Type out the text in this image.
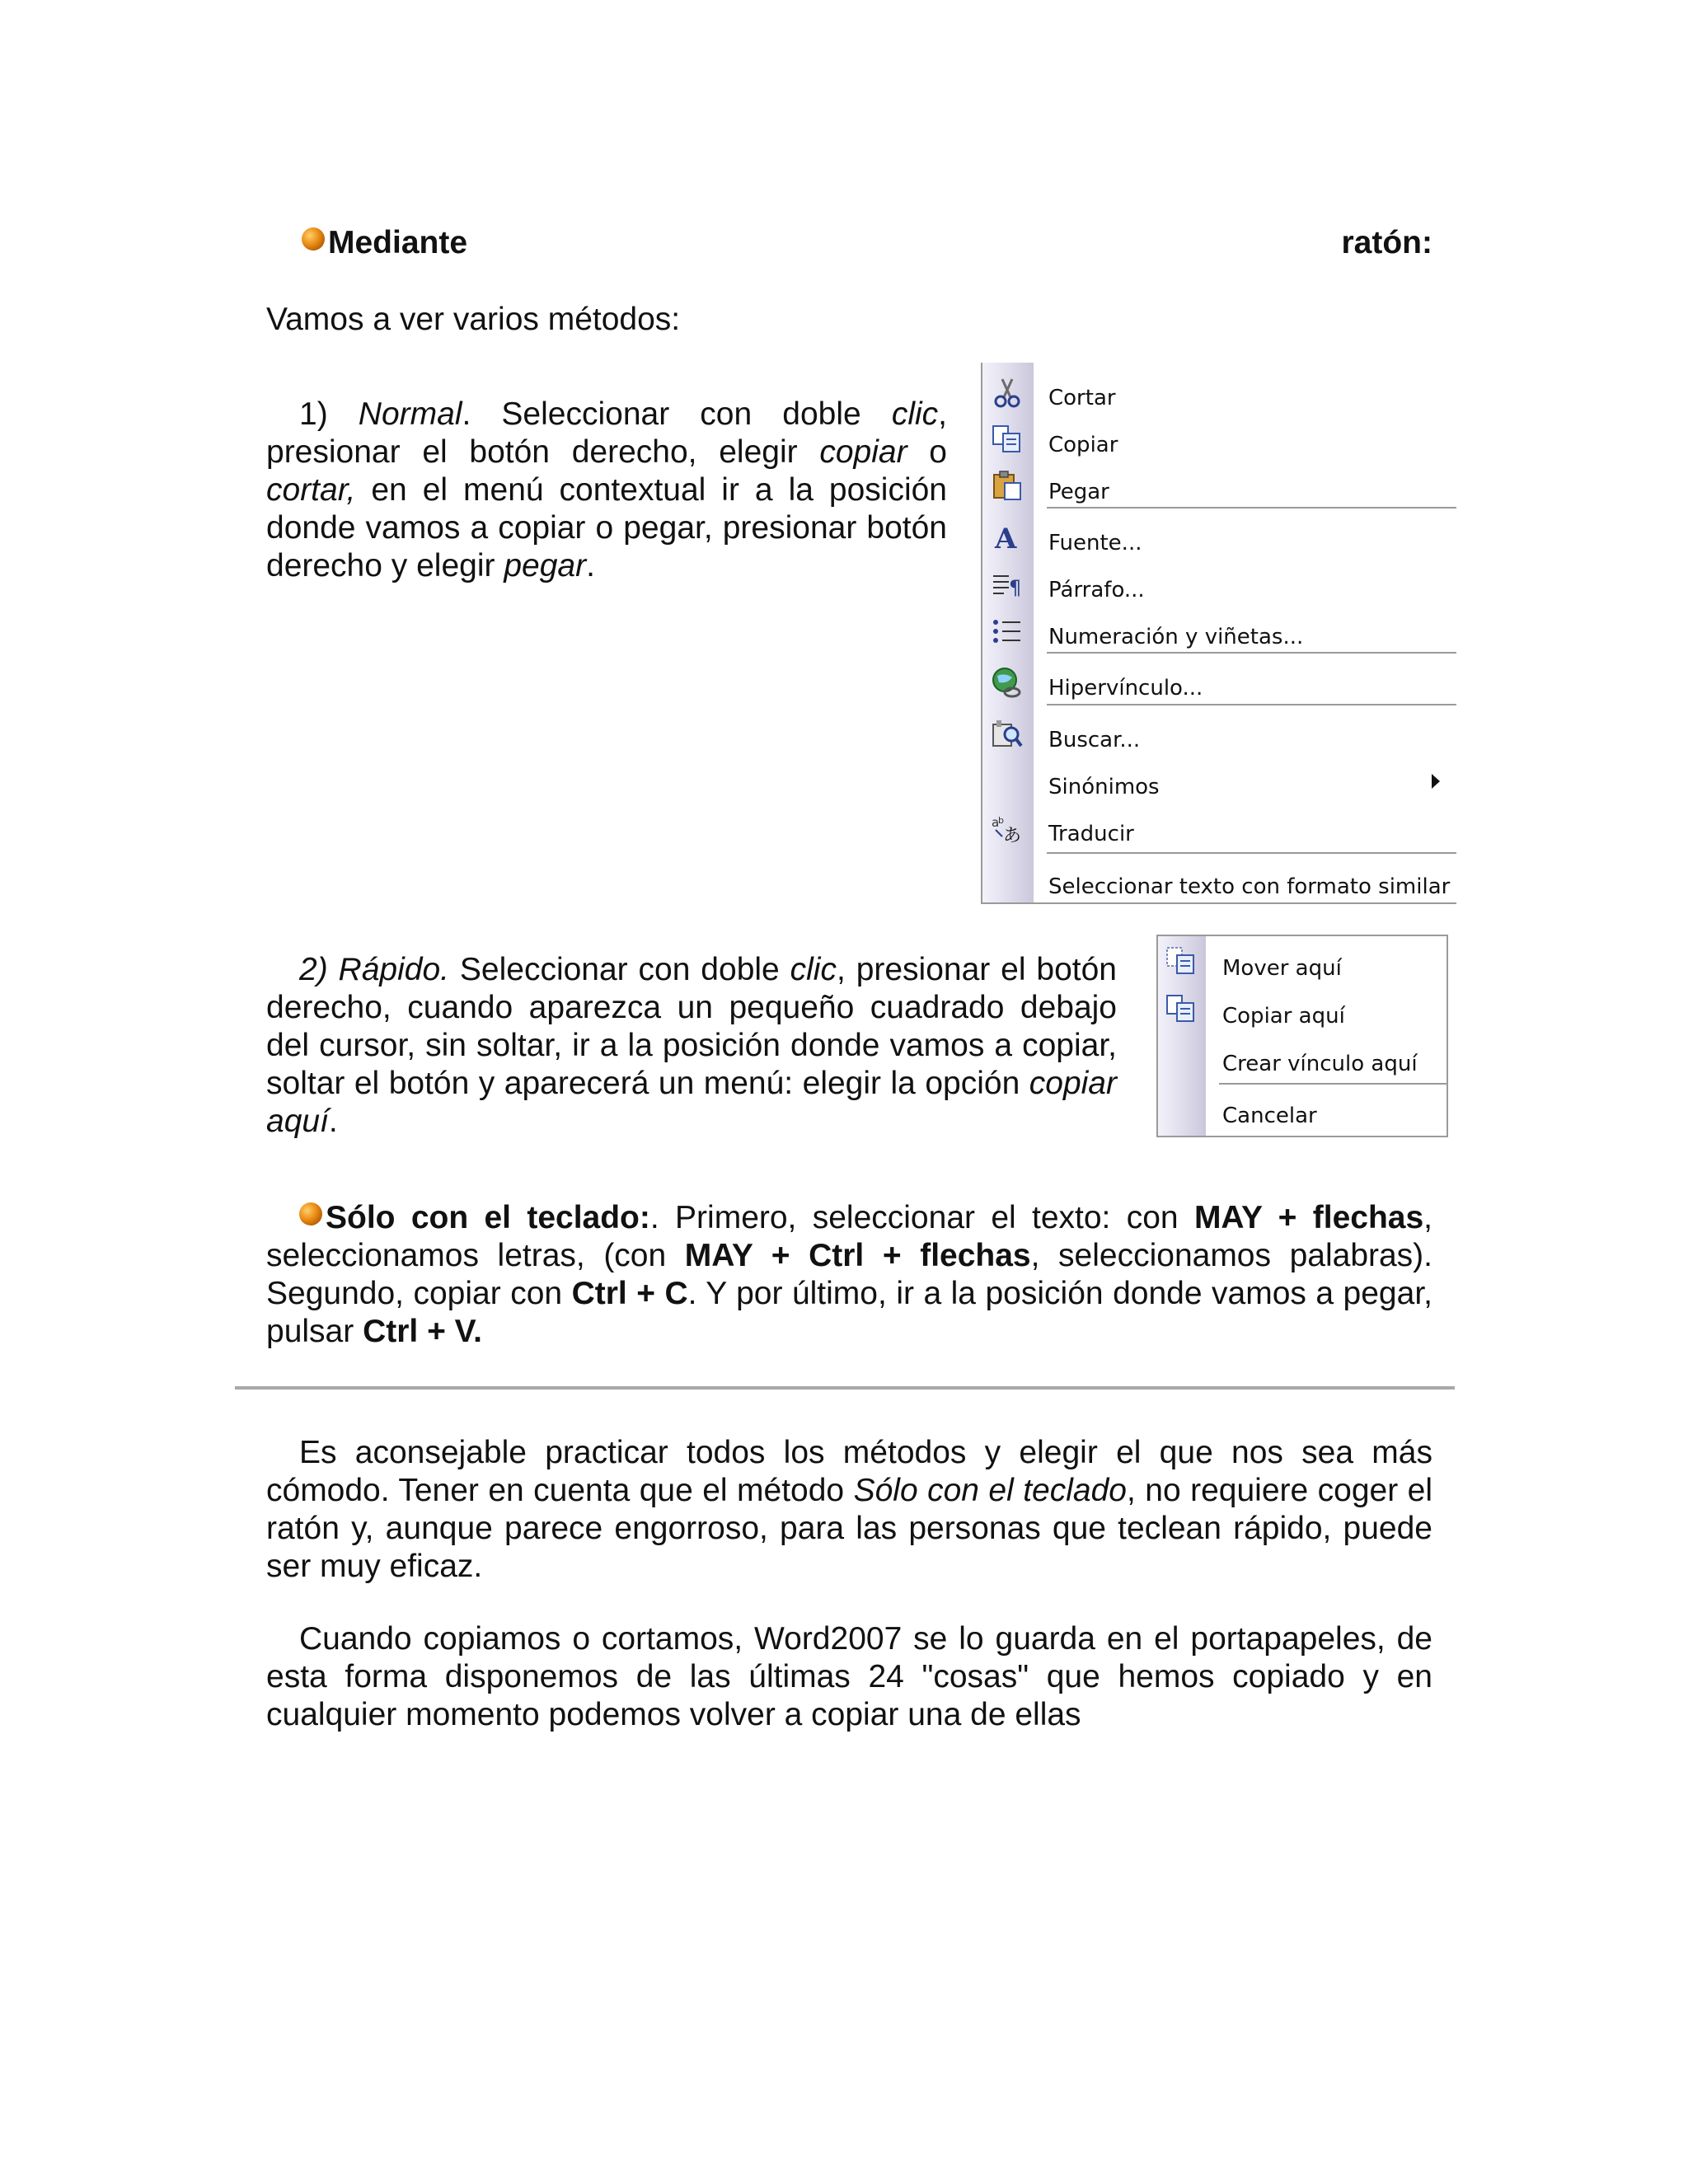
Mediante	ratón:
Vamos a ver varios métodos:
1) Normal. Seleccionar con doble clic, presionar el botón derecho, elegir copiar o cortar, en el menú contextual ir a la posición donde vamos a copiar o pegar, presionar botón derecho y elegir pegar.
Cortar
Copiar
Pegar
A Fuente...
¶ Párrafo...
Numeración y viñetas...
Hipervínculo...
Buscar...
Sinónimos
a
b
あ Traducir
Seleccionar texto con formato similar
2) Rápido. Seleccionar con doble clic, presionar el botón derecho, cuando aparezca un pequeño cuadrado debajo del cursor, sin soltar, ir a la posición donde vamos a copiar, soltar el botón y aparecerá un menú: elegir la opción copiar aquí.
Mover aquí
Copiar aquí
Crear vínculo aquí
Cancelar
Sólo con el teclado:. Primero, seleccionar el texto: con MAY + flechas, seleccionamos letras, (con MAY + Ctrl + flechas, seleccionamos palabras). Segundo, copiar con Ctrl + C. Y por último, ir a la posición donde vamos a pegar, pulsar Ctrl + V.
Es aconsejable practicar todos los métodos y elegir el que nos sea más cómodo. Tener en cuenta que el método Sólo con el teclado, no requiere coger el ratón y, aunque parece engorroso, para las personas que teclean rápido, puede ser muy eficaz.
Cuando copiamos o cortamos, Word2007 se lo guarda en el portapapeles, de esta forma disponemos de las últimas 24 "cosas" que hemos copiado y en cualquier momento podemos volver a copiar una de ellas
